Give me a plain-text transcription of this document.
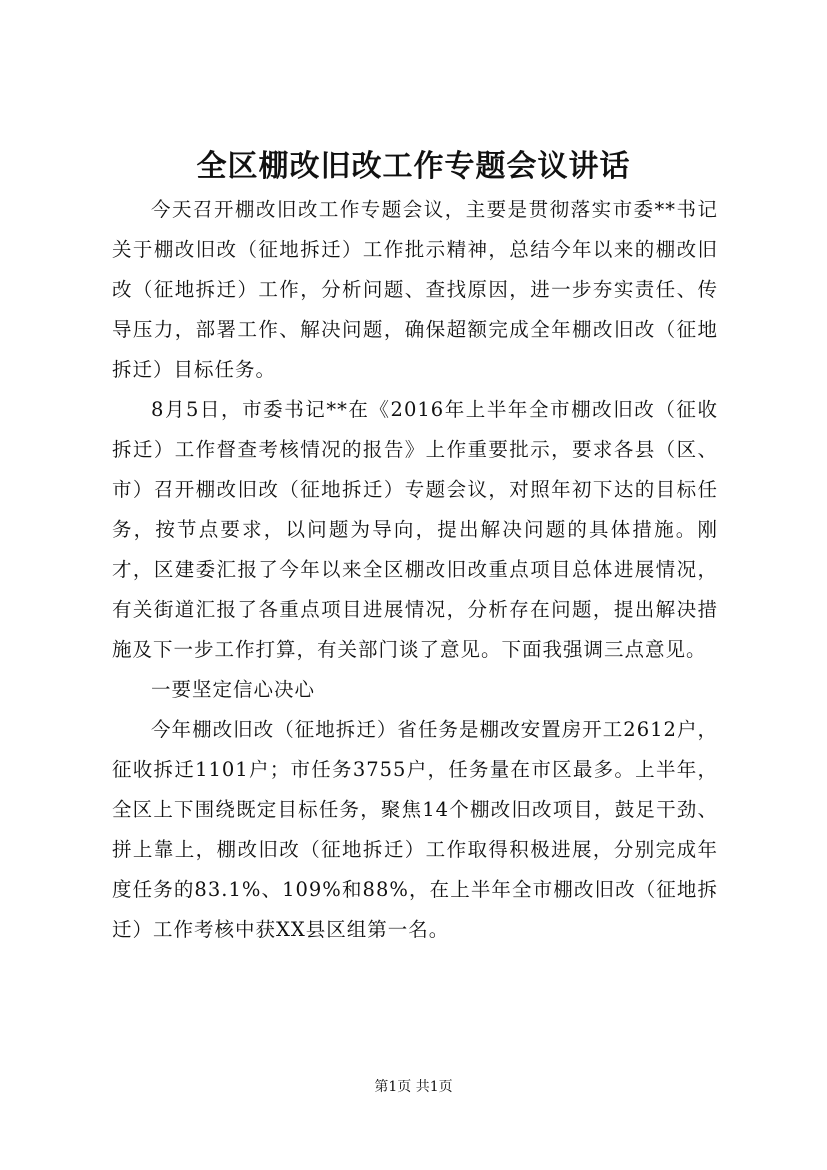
全区棚改旧改工作专题会议讲话

今天召开棚改旧改工作专题会议，主要是贯彻落实市委**书记关于棚改旧改（征地拆迁）工作批示精神，总结今年以来的棚改旧改（征地拆迁）工作，分析问题、查找原因，进一步夯实责任、传导压力，部署工作、解决问题，确保超额完成全年棚改旧改（征地拆迁）目标任务。

8月5日，市委书记**在《2016年上半年全市棚改旧改（征收拆迁）工作督查考核情况的报告》上作重要批示，要求各县（区、市）召开棚改旧改（征地拆迁）专题会议，对照年初下达的目标任务，按节点要求，以问题为导向，提出解决问题的具体措施。刚才，区建委汇报了今年以来全区棚改旧改重点项目总体进展情况，有关街道汇报了各重点项目进展情况，分析存在问题，提出解决措施及下一步工作打算，有关部门谈了意见。下面我强调三点意见。

一要坚定信心决心

今年棚改旧改（征地拆迁）省任务是棚改安置房开工2612户，征收拆迁1101户；市任务3755户，任务量在市区最多。上半年，全区上下围绕既定目标任务，聚焦14个棚改旧改项目，鼓足干劲、拼上靠上，棚改旧改（征地拆迁）工作取得积极进展，分别完成年度任务的83.1%、109%和88%，在上半年全市棚改旧改（征地拆迁）工作考核中获XX县区组第一名。

第1页 共1页
